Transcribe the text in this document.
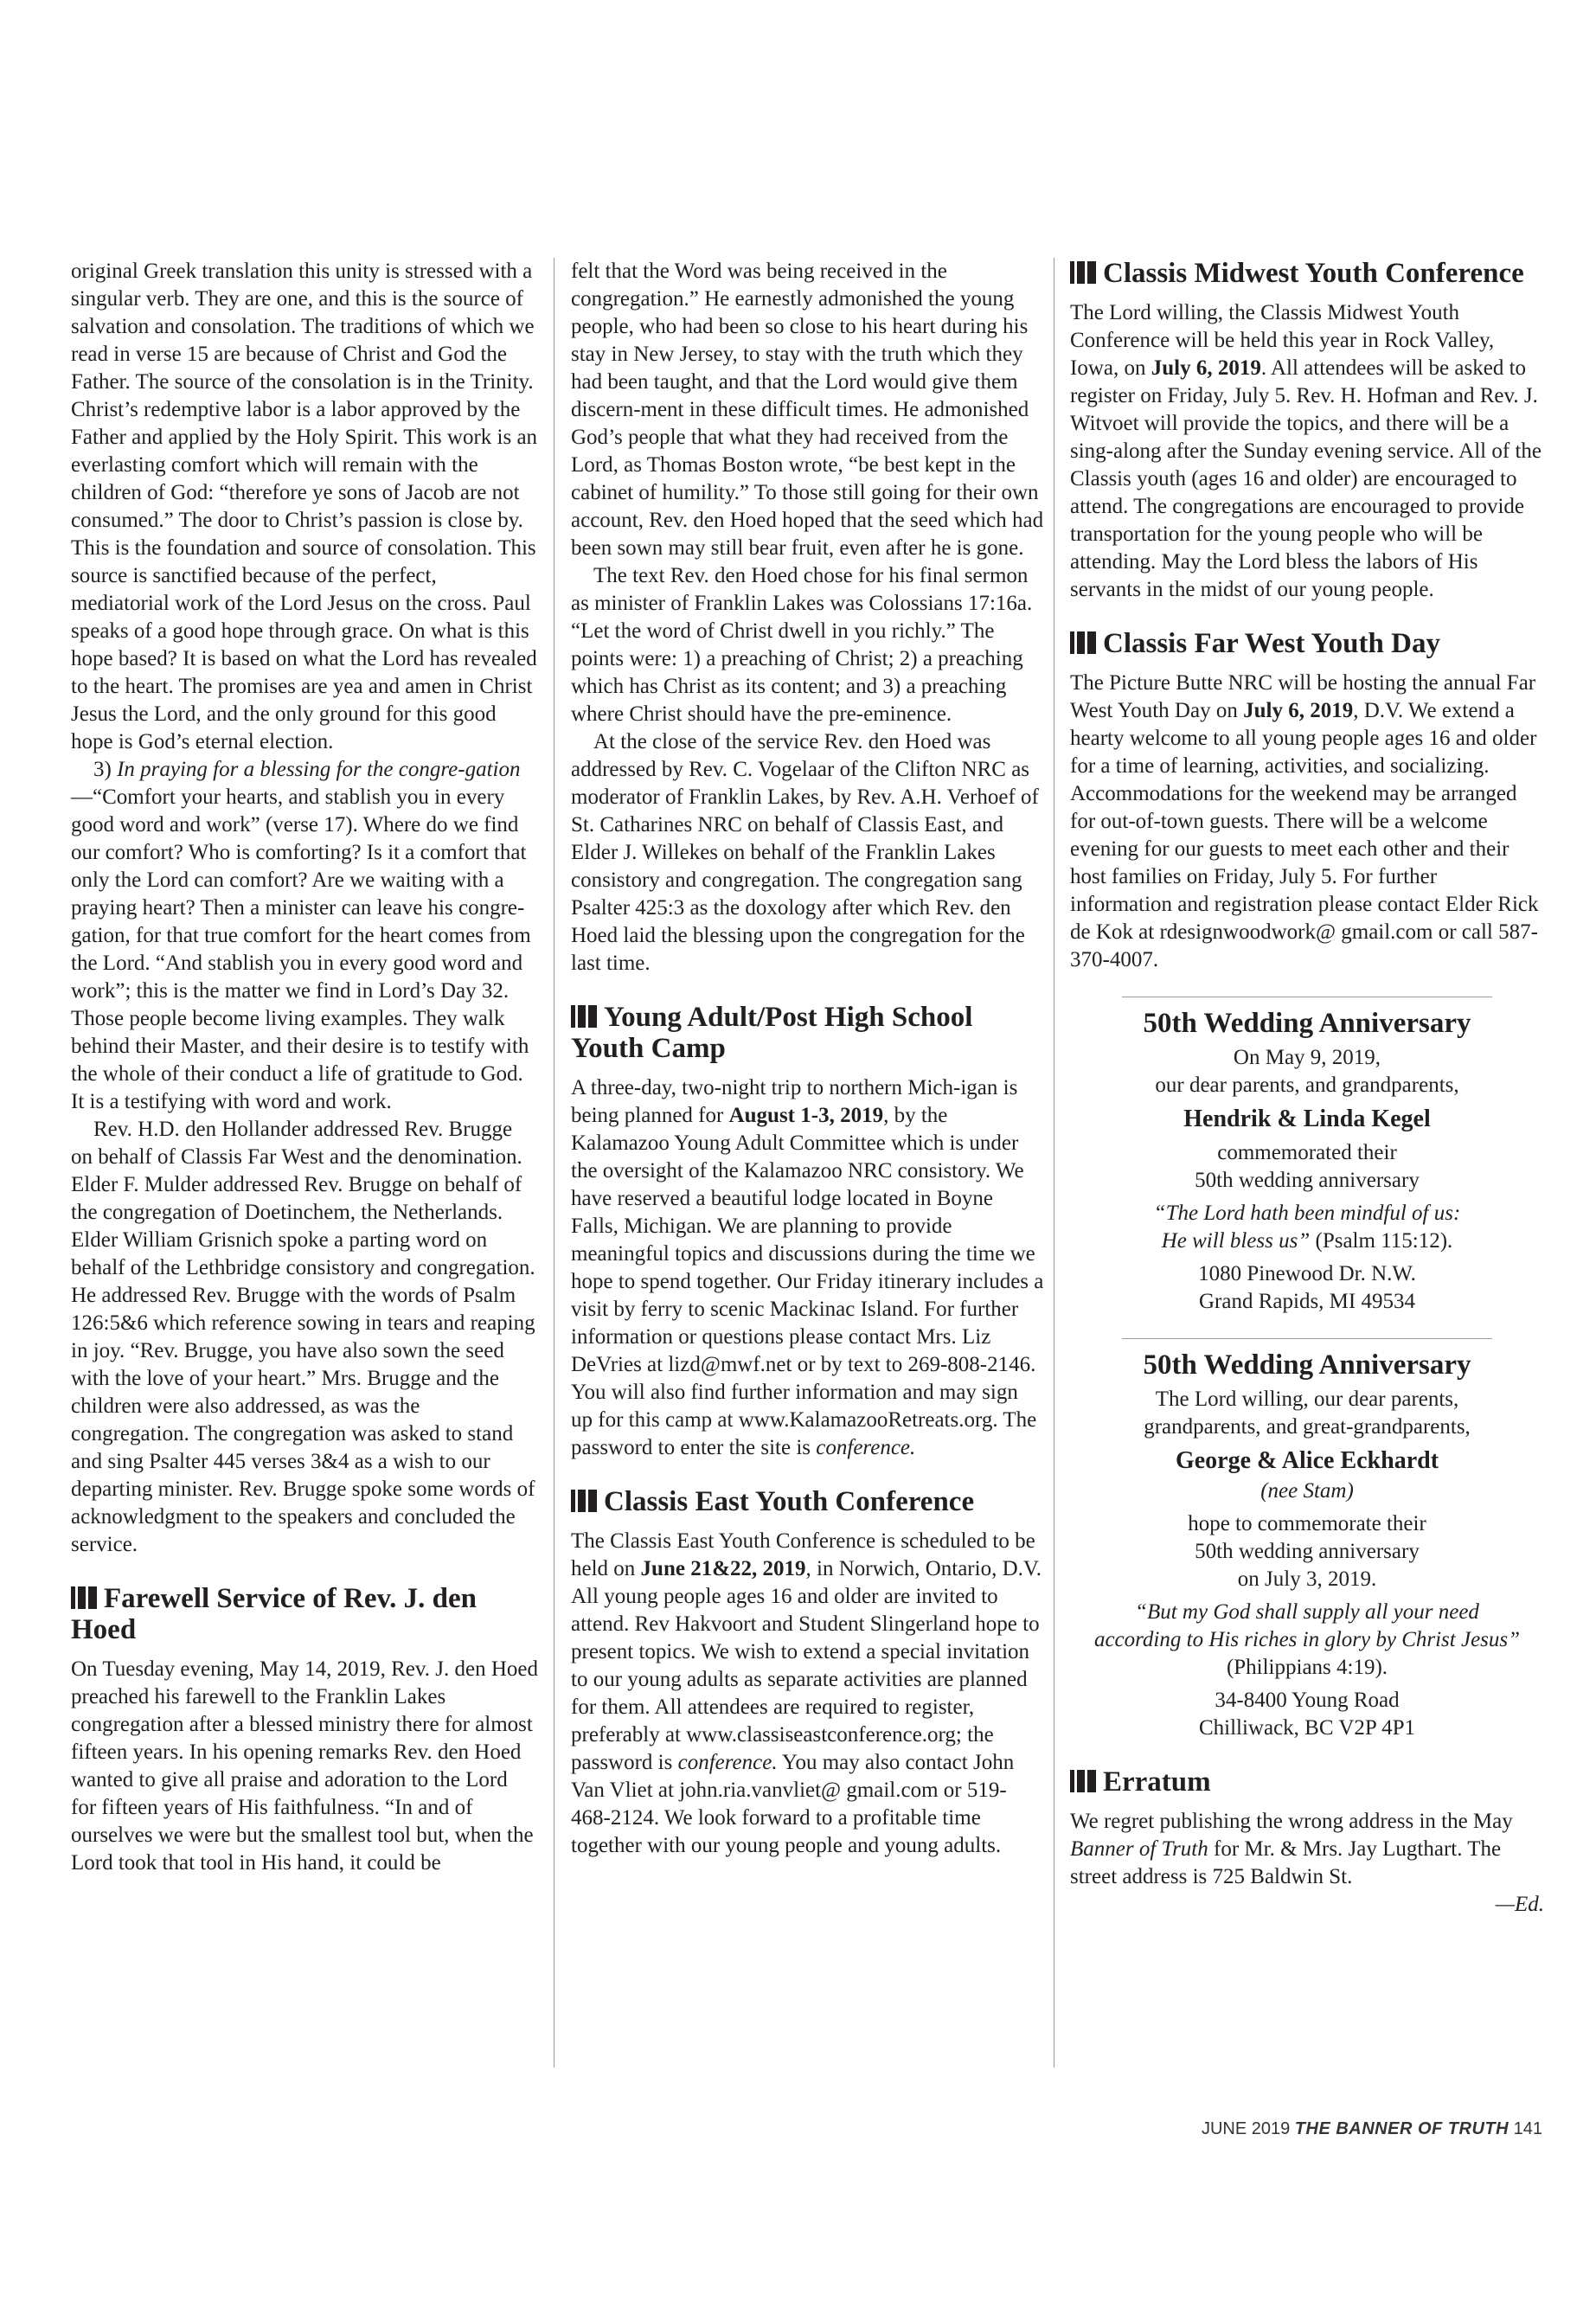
original Greek translation this unity is stressed with a singular verb. They are one, and this is the source of salvation and consolation. The traditions of which we read in verse 15 are because of Christ and God the Father. The source of the consolation is in the Trinity. Christ’s redemptive labor is a labor approved by the Father and applied by the Holy Spirit. This work is an everlasting comfort which will remain with the children of God: “therefore ye sons of Jacob are not consumed.” The door to Christ’s passion is close by. This is the foundation and source of consolation. This source is sanctified because of the perfect, mediatorial work of the Lord Jesus on the cross. Paul speaks of a good hope through grace. On what is this hope based? It is based on what the Lord has revealed to the heart. The promises are yea and amen in Christ Jesus the Lord, and the only ground for this good hope is God’s eternal election.

3) In praying for a blessing for the congre-gation—“Comfort your hearts, and stablish you in every good word and work” (verse 17). Where do we find our comfort? Who is comforting? Is it a comfort that only the Lord can comfort? Are we waiting with a praying heart? Then a minister can leave his congre-gation, for that true comfort for the heart comes from the Lord. “And stablish you in every good word and work”; this is the matter we find in Lord’s Day 32. Those people become living examples. They walk behind their Master, and their desire is to testify with the whole of their conduct a life of gratitude to God. It is a testifying with word and work.

Rev. H.D. den Hollander addressed Rev. Brugge on behalf of Classis Far West and the denomination. Elder F. Mulder addressed Rev. Brugge on behalf of the congregation of Doetinchem, the Netherlands. Elder William Grisnich spoke a parting word on behalf of the Lethbridge consistory and congregation. He addressed Rev. Brugge with the words of Psalm 126:5&6 which reference sowing in tears and reaping in joy. “Rev. Brugge, you have also sown the seed with the love of your heart.” Mrs. Brugge and the children were also addressed, as was the congregation. The congregation was asked to stand and sing Psalter 445 verses 3&4 as a wish to our departing minister. Rev. Brugge spoke some words of acknowledgment to the speakers and concluded the service.

Farewell Service of Rev. J. den Hoed

On Tuesday evening, May 14, 2019, Rev. J. den Hoed preached his farewell to the Franklin Lakes congregation after a blessed ministry there for almost fifteen years. In his opening remarks Rev. den Hoed wanted to give all praise and adoration to the Lord for fifteen years of His faithfulness. “In and of ourselves we were but the smallest tool but, when the Lord took that tool in His hand, it could be

felt that the Word was being received in the congregation.” He earnestly admonished the young people, who had been so close to his heart during his stay in New Jersey, to stay with the truth which they had been taught, and that the Lord would give them discern-ment in these difficult times. He admonished God’s people that what they had received from the Lord, as Thomas Boston wrote, “be best kept in the cabinet of humility.” To those still going for their own account, Rev. den Hoed hoped that the seed which had been sown may still bear fruit, even after he is gone.

The text Rev. den Hoed chose for his final sermon as minister of Franklin Lakes was Colossians 17:16a. “Let the word of Christ dwell in you richly.” The points were: 1) a preaching of Christ; 2) a preaching which has Christ as its content; and 3) a preaching where Christ should have the pre-eminence.

At the close of the service Rev. den Hoed was addressed by Rev. C. Vogelaar of the Clifton NRC as moderator of Franklin Lakes, by Rev. A.H. Verhoef of St. Catharines NRC on behalf of Classis East, and Elder J. Willekes on behalf of the Franklin Lakes consistory and congregation. The congregation sang Psalter 425:3 as the doxology after which Rev. den Hoed laid the blessing upon the congregation for the last time.

Young Adult/Post High School Youth Camp

A three-day, two-night trip to northern Mich-igan is being planned for August 1-3, 2019, by the Kalamazoo Young Adult Committee which is under the oversight of the Kalamazoo NRC consistory. We have reserved a beautiful lodge located in Boyne Falls, Michigan. We are planning to provide meaningful topics and discussions during the time we hope to spend together. Our Friday itinerary includes a visit by ferry to scenic Mackinac Island. For further information or questions please contact Mrs. Liz DeVries at lizd@mwf.net or by text to 269-808-2146. You will also find further information and may sign up for this camp at www.KalamazooRetreats.org. The password to enter the site is conference.

Classis East Youth Conference

The Classis East Youth Conference is scheduled to be held on June 21&22, 2019, in Norwich, Ontario, D.V. All young people ages 16 and older are invited to attend. Rev Hakvoort and Student Slingerland hope to present topics. We wish to extend a special invitation to our young adults as separate activities are planned for them. All attendees are required to register, preferably at www.classiseastconference.org; the password is conference. You may also contact John Van Vliet at john.ria.vanvliet@ gmail.com or 519-468-2124. We look forward to a profitable time together with our young people and young adults.

Classis Midwest Youth Conference

The Lord willing, the Classis Midwest Youth Conference will be held this year in Rock Valley, Iowa, on July 6, 2019. All attendees will be asked to register on Friday, July 5. Rev. H. Hofman and Rev. J. Witvoet will provide the topics, and there will be a sing-along after the Sunday evening service. All of the Classis youth (ages 16 and older) are encouraged to attend. The congregations are encouraged to provide transportation for the young people who will be attending. May the Lord bless the labors of His servants in the midst of our young people.

Classis Far West Youth Day

The Picture Butte NRC will be hosting the annual Far West Youth Day on July 6, 2019, D.V. We extend a hearty welcome to all young people ages 16 and older for a time of learning, activities, and socializing. Accommodations for the weekend may be arranged for out-of-town guests. There will be a welcome evening for our guests to meet each other and their host families on Friday, July 5. For further information and registration please contact Elder Rick de Kok at rdesignwoodwork@ gmail.com or call 587-370-4007.

50th Wedding Anniversary
On May 9, 2019,
our dear parents, and grandparents,
Hendrik & Linda Kegel
commemorated their
50th wedding anniversary
“The Lord hath been mindful of us:
He will bless us” (Psalm 115:12).
1080 Pinewood Dr. N.W.
Grand Rapids, MI 49534
50th Wedding Anniversary
The Lord willing, our dear parents,
grandparents, and great-grandparents,
George & Alice Eckhardt
(nee Stam)
hope to commemorate their
50th wedding anniversary
on July 3, 2019.
“But my God shall supply all your need
according to His riches in glory by Christ Jesus”
(Philippians 4:19).
34-8400 Young Road
Chilliwack, BC V2P 4P1
Erratum

We regret publishing the wrong address in the May Banner of Truth for Mr. & Mrs. Jay Lugthart. The street address is 725 Baldwin St.

—Ed.

JUNE 2019 THE BANNER OF TRUTH 141
